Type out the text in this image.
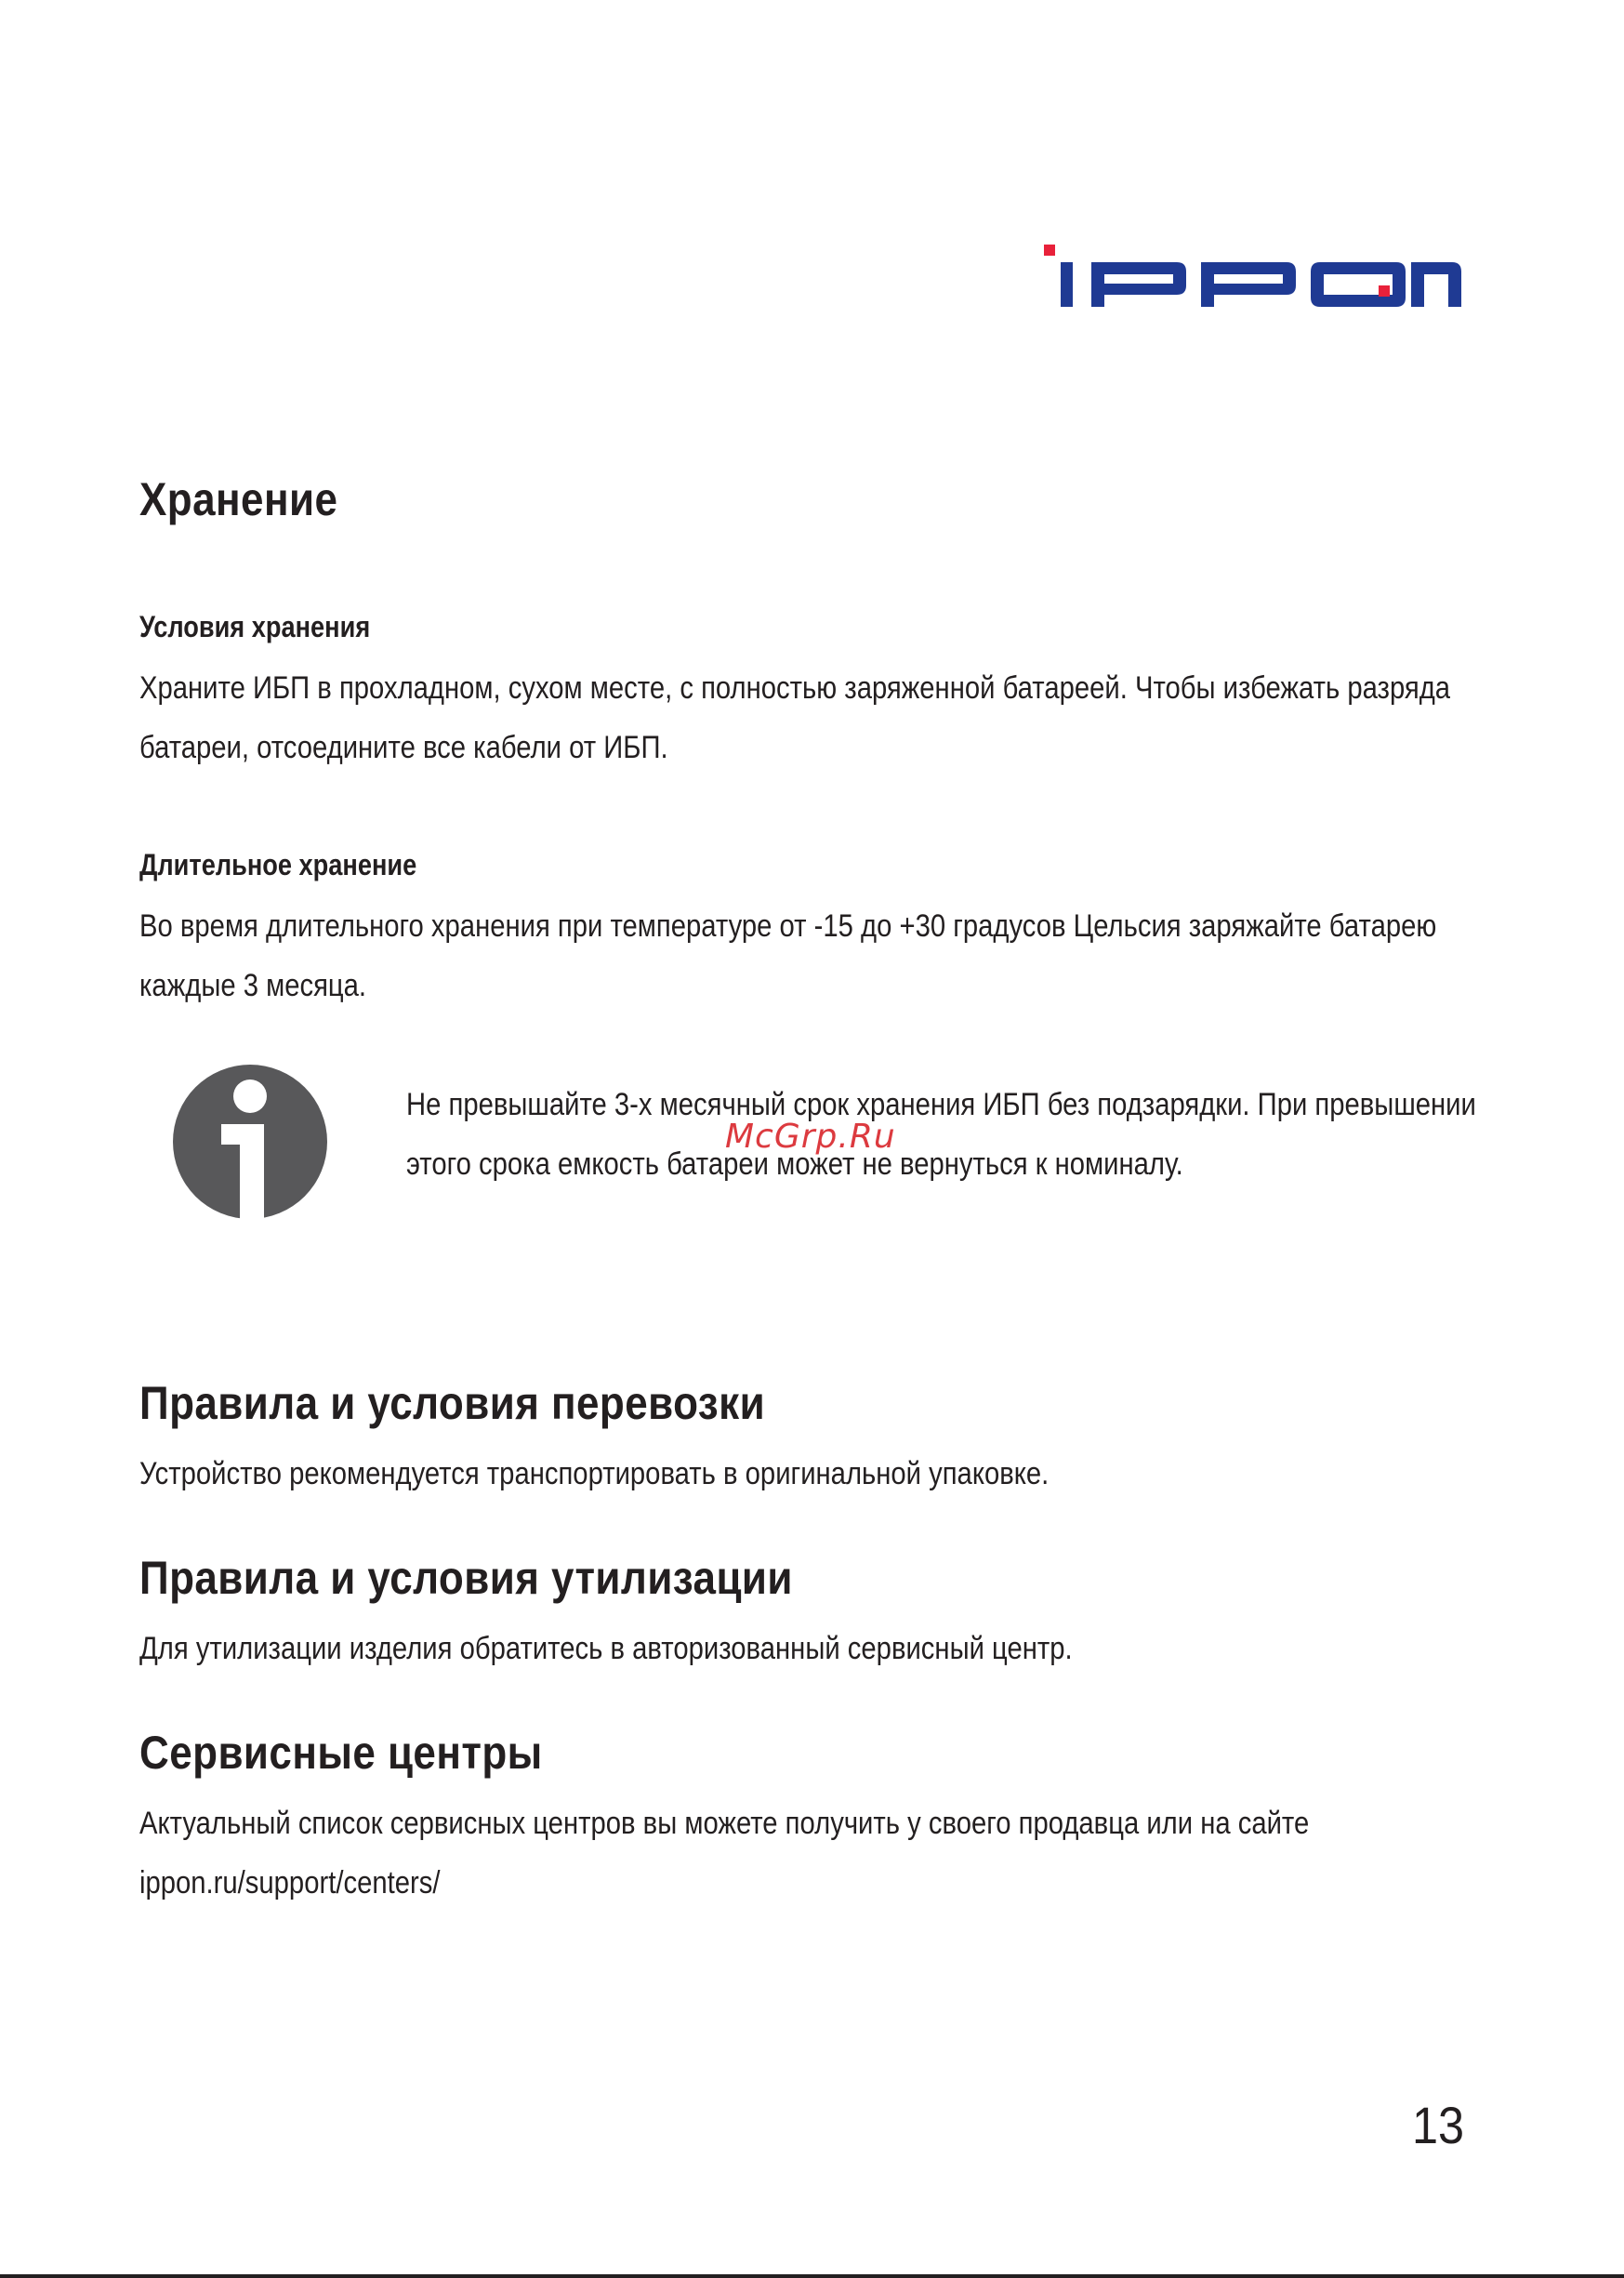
Хранение
Условия хранения

Храните ИБП в прохладном, сухом месте, с полностью заряженной батареей. Чтобы избежать разряда

батареи, отсоедините все кабели от ИБП.

Длительное хранение

Во время длительного хранения при температуре от -15 до +30 градусов Цельсия заряжайте батарею

каждые 3 месяца.

Не превышайте 3-х месячный срок хранения ИБП без подзарядки. При превышении

этого срока емкость батареи может не вернуться к номиналу.

McGrp.Ru
Правила и условия перевозки

Устройство рекомендуется транспортировать в оригинальной упаковке.

Правила и условия утилизации

Для утилизации изделия обратитесь в авторизованный сервисный центр.

Сервисные центры

Актуальный список сервисных центров вы можете получить у своего продавца или на сайте

ippon.ru/support/centers/

13
